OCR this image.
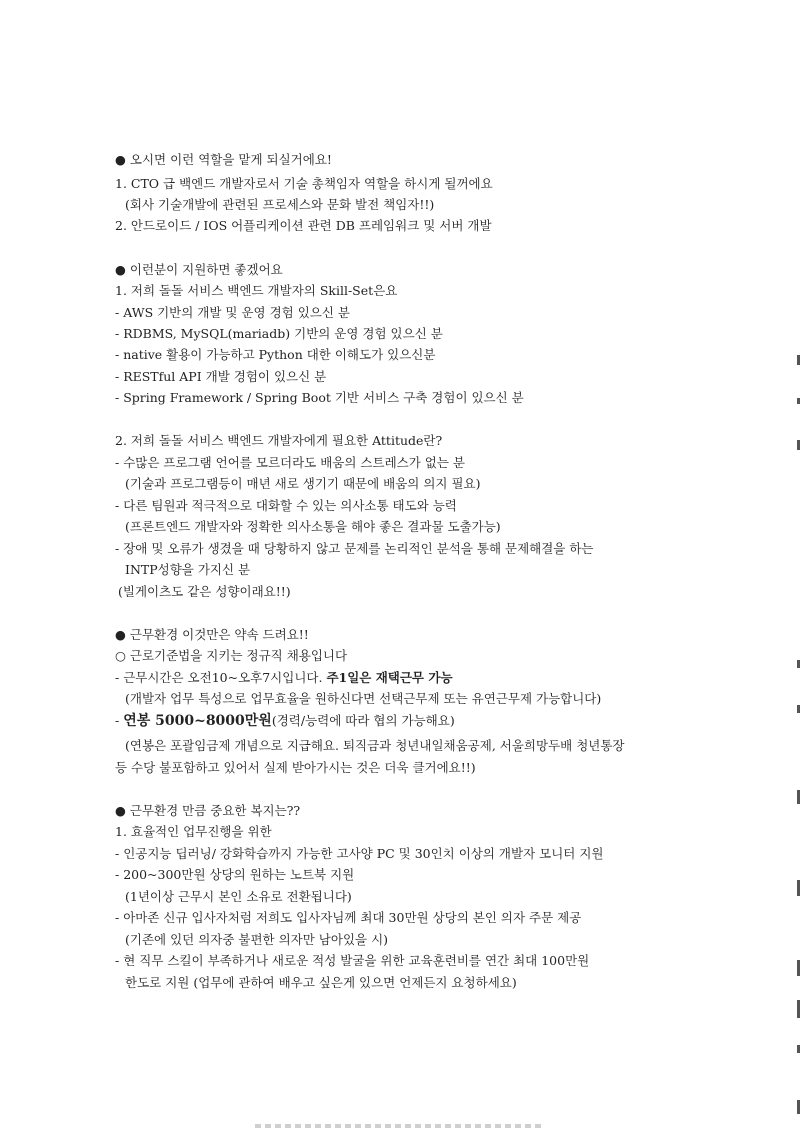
● 오시면 이런 역할을 맡게 되실거에요!
1. CTO 급 백엔드 개발자로서 기술 총책임자 역할을 하시게 될꺼에요
(회사 기술개발에 관련된 프로세스와 문화 발전 책임자!!)
2. 안드로이드 / IOS 어플리케이션 관련 DB 프레임워크 및 서버 개발
● 이런분이 지원하면 좋겠어요
1. 저희 돌돌 서비스 백엔드 개발자의 Skill-Set은요
- AWS 기반의 개발 및 운영 경험 있으신 분
- RDBMS, MySQL(mariadb) 기반의 운영 경험 있으신 분
- native 활용이 가능하고 Python 대한 이해도가 있으신분
- RESTful API 개발 경험이 있으신 분
- Spring Framework / Spring Boot 기반 서비스 구축 경험이 있으신 분
2. 저희 돌돌 서비스 백엔드 개발자에게 필요한 Attitude란?
- 수많은 프로그램 언어를 모르더라도 배움의 스트레스가 없는 분
(기술과 프로그램등이 매년 새로 생기기 때문에 배움의 의지 필요)
- 다른 팀원과 적극적으로 대화할 수 있는 의사소통 태도와 능력
(프론트엔드 개발자와 정확한 의사소통을 해야 좋은 결과물 도출가능)
- 장애 및 오류가 생겼을 때 당황하지 않고 문제를 논리적인 분석을 통해 문제해결을 하는
INTP성향을 가지신 분
(빌게이츠도 같은 성향이래요!!)
● 근무환경 이것만은 약속 드려요!!
○ 근로기준법을 지키는 정규직 채용입니다
- 근무시간은 오전10~오후7시입니다. 주1일은 재택근무 가능
(개발자 업무 특성으로 업무효율을 원하신다면 선택근무제 또는 유연근무제 가능합니다)
- 연봉 5000~8000만원(경력/능력에 따라 협의 가능해요)
(연봉은 포괄임금제 개념으로 지급해요. 퇴직금과 청년내일채움공제, 서울희망두배 청년통장
등 수당 불포함하고 있어서 실제 받아가시는 것은 더욱 클거에요!!)
● 근무환경 만큼 중요한 복지는??
1. 효율적인 업무진행을 위한
- 인공지능 딥러닝/ 강화학습까지 가능한 고사양 PC 및 30인치 이상의 개발자 모니터 지원
- 200~300만원 상당의 원하는 노트북 지원
(1년이상 근무시 본인 소유로 전환됩니다)
- 아마존 신규 입사자처럼 저희도 입사자님께 최대 30만원 상당의 본인 의자 주문 제공
(기존에 있던 의자중 불편한 의자만 남아있을 시)
- 현 직무 스킬이 부족하거나 새로운 적성 발굴을 위한 교육훈련비를 연간 최대 100만원
한도로 지원 (업무에 관하여 배우고 싶은게 있으면 언제든지 요청하세요)
